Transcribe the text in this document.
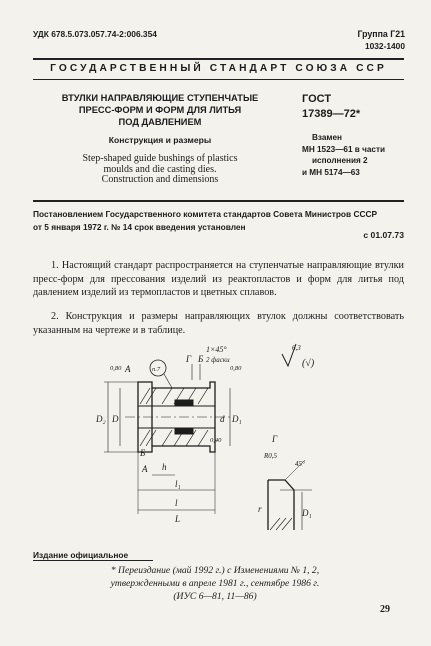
УДК 678.5.073.057.74-2:006.354	Группа Г21
1032-1400
ГОСУДАРСТВЕННЫЙ СТАНДАРТ СОЮЗА ССР
ВТУЛКИ НАПРАВЛЯЮЩИЕ СТУПЕНЧАТЫЕ
ПРЕСС-ФОРМ И ФОРМ ДЛЯ ЛИТЬЯ
ПОД ДАВЛЕНИЕМ
Конструкция и размеры
Step-shaped guide bushings of plastics
moulds and die casting dies.
Construction and dimensions
ГОСТ
17389—72*
Взамен
МН 1523—61 в части
исполнения 2
и МН 5174—63
Постановлением Государственного комитета стандартов Совета Министров СССР
от 5 января 1972 г. № 14 срок введения установлен
с 01.07.73
1. Настоящий стандарт распространяется на ступенчатые направляющие втулки пресс-форм для прессования изделий из реактопластов и форм для литья под давлением изделий из термопластов и цветных сплавов.
2. Конструкция и размеры направляющих втулок должны соответствовать указанным на чертеже и в таблице.
6,3
(√)
1×45°
2 фаски
0,80	0,80
0,40
п.7
Г Б
А
А
D₂ D	D₁
d
h
l₁
l
L
Б
Г
R0,5
45°
r	D₁
Издание официальное
* Переиздание (май 1992 г.) с Изменениями № 1, 2,
утвержденными в апреле 1981 г., сентябре 1986 г.
(ИУС 6—81, 11—86)
29
